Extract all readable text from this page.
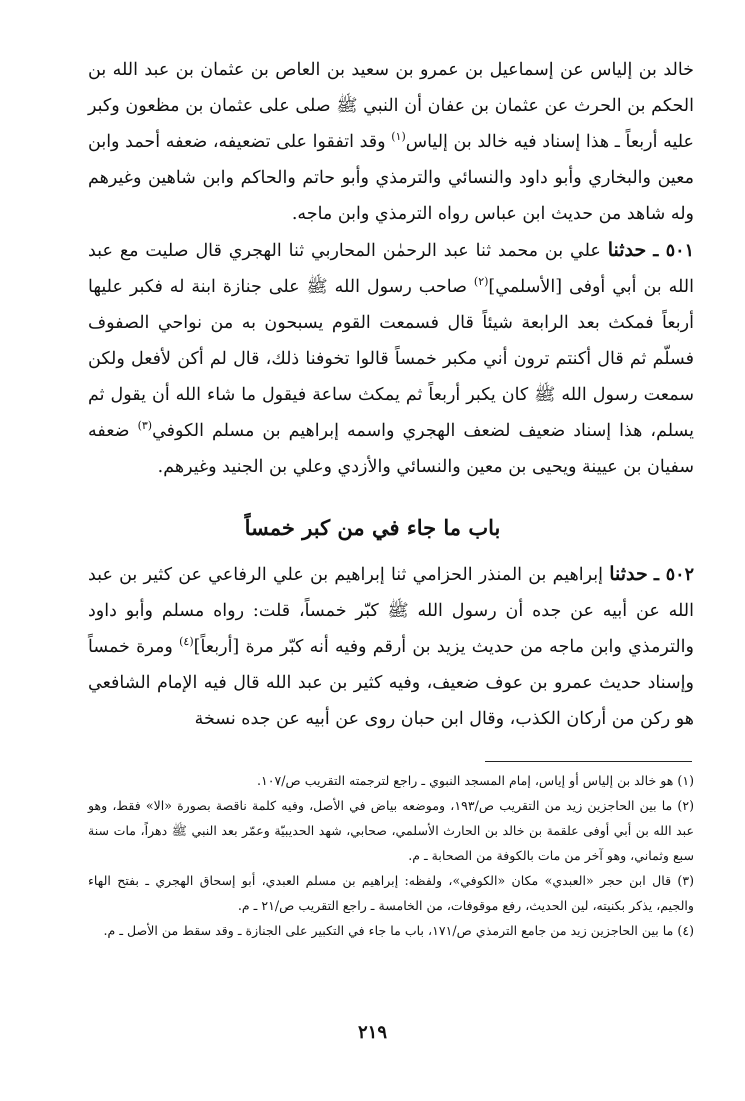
خالد بن إلياس عن إسماعيل بن عمرو بن سعيد بن العاص بن عثمان بن عبد الله بن الحكم بن الحرث عن عثمان بن عفان أن النبي ﷺ صلى على عثمان بن مظعون وكبر عليه أربعاً ـ هذا إسناد فيه خالد بن إلياس$^{(١)}$ وقد اتفقوا على تضعيفه، ضعفه أحمد وابن معين والبخاري وأبو داود والنسائي والترمذي وأبو حاتم والحاكم وابن شاهين وغيرهم وله شاهد من حديث ابن عباس رواه الترمذي وابن ماجه.

٥٠١ ـ حدثنا علي بن محمد ثنا عبد الرحمٰن المحاربي ثنا الهجري قال صليت مع عبد الله بن أبي أوفى [الأسلمي]$^{(٢)}$ صاحب رسول الله ﷺ على جنازة ابنة له فكبر عليها أربعاً فمكث بعد الرابعة شيئاً قال فسمعت القوم يسبحون به من نواحي الصفوف فسلّم ثم قال أكنتم ترون أني مكبر خمساً قالوا تخوفنا ذلك، قال لم أكن لأفعل ولكن سمعت رسول الله ﷺ كان يكبر أربعاً ثم يمكث ساعة فيقول ما شاء الله أن يقول ثم يسلم، هذا إسناد ضعيف لضعف الهجري واسمه إبراهيم بن مسلم الكوفي$^{(٣)}$ ضعفه سفيان بن عيينة ويحيى بن معين والنسائي والأزدي وعلي بن الجنيد وغيرهم.

باب ما جاء في من كبر خمساً

٥٠٢ ـ حدثنا إبراهيم بن المنذر الحزامي ثنا إبراهيم بن علي الرفاعي عن كثير بن عبد الله عن أبيه عن جده أن رسول الله ﷺ كبّر خمساً، قلت: رواه مسلم وأبو داود والترمذي وابن ماجه من حديث يزيد بن أرقم وفيه أنه كبّر مرة [أربعاً]$^{(٤)}$ ومرة خمساً وإسناد حديث عمرو بن عوف ضعيف، وفيه كثير بن عبد الله قال فيه الإمام الشافعي هو ركن من أركان الكذب، وقال ابن حبان روى عن أبيه عن جده نسخة

(١) هو خالد بن إلياس أو إياس، إمام المسجد النبوي ـ راجع لترجمته التقريب ص/١٠٧.

(٢) ما بين الحاجزين زيد من التقريب ص/١٩٣، وموضعه بياض في الأصل، وفيه كلمة ناقصة بصورة «الا» فقط، وهو عبد الله بن أبي أوفى علقمة بن خالد بن الحارث الأسلمي، صحابي، شهد الحديبيّة وعمّر بعد النبي ﷺ دهراً، مات سنة سبع وثماني، وهو آخر من مات بالكوفة من الصحابة ـ م.

(٣) قال ابن حجر «العبدي» مكان «الكوفي»، ولفظه: إبراهيم بن مسلم العبدي، أبو إسحاق الهجري ـ بفتح الهاء والجيم، يذكر بكنيته، لين الحديث، رفع موقوفات، من الخامسة ـ راجع التقريب ص/٢١ ـ م.

(٤) ما بين الحاجزين زيد من جامع الترمذي ص/١٧١، باب ما جاء في التكبير على الجنازة ـ وقد سقط من الأصل ـ م.

٢١٩
